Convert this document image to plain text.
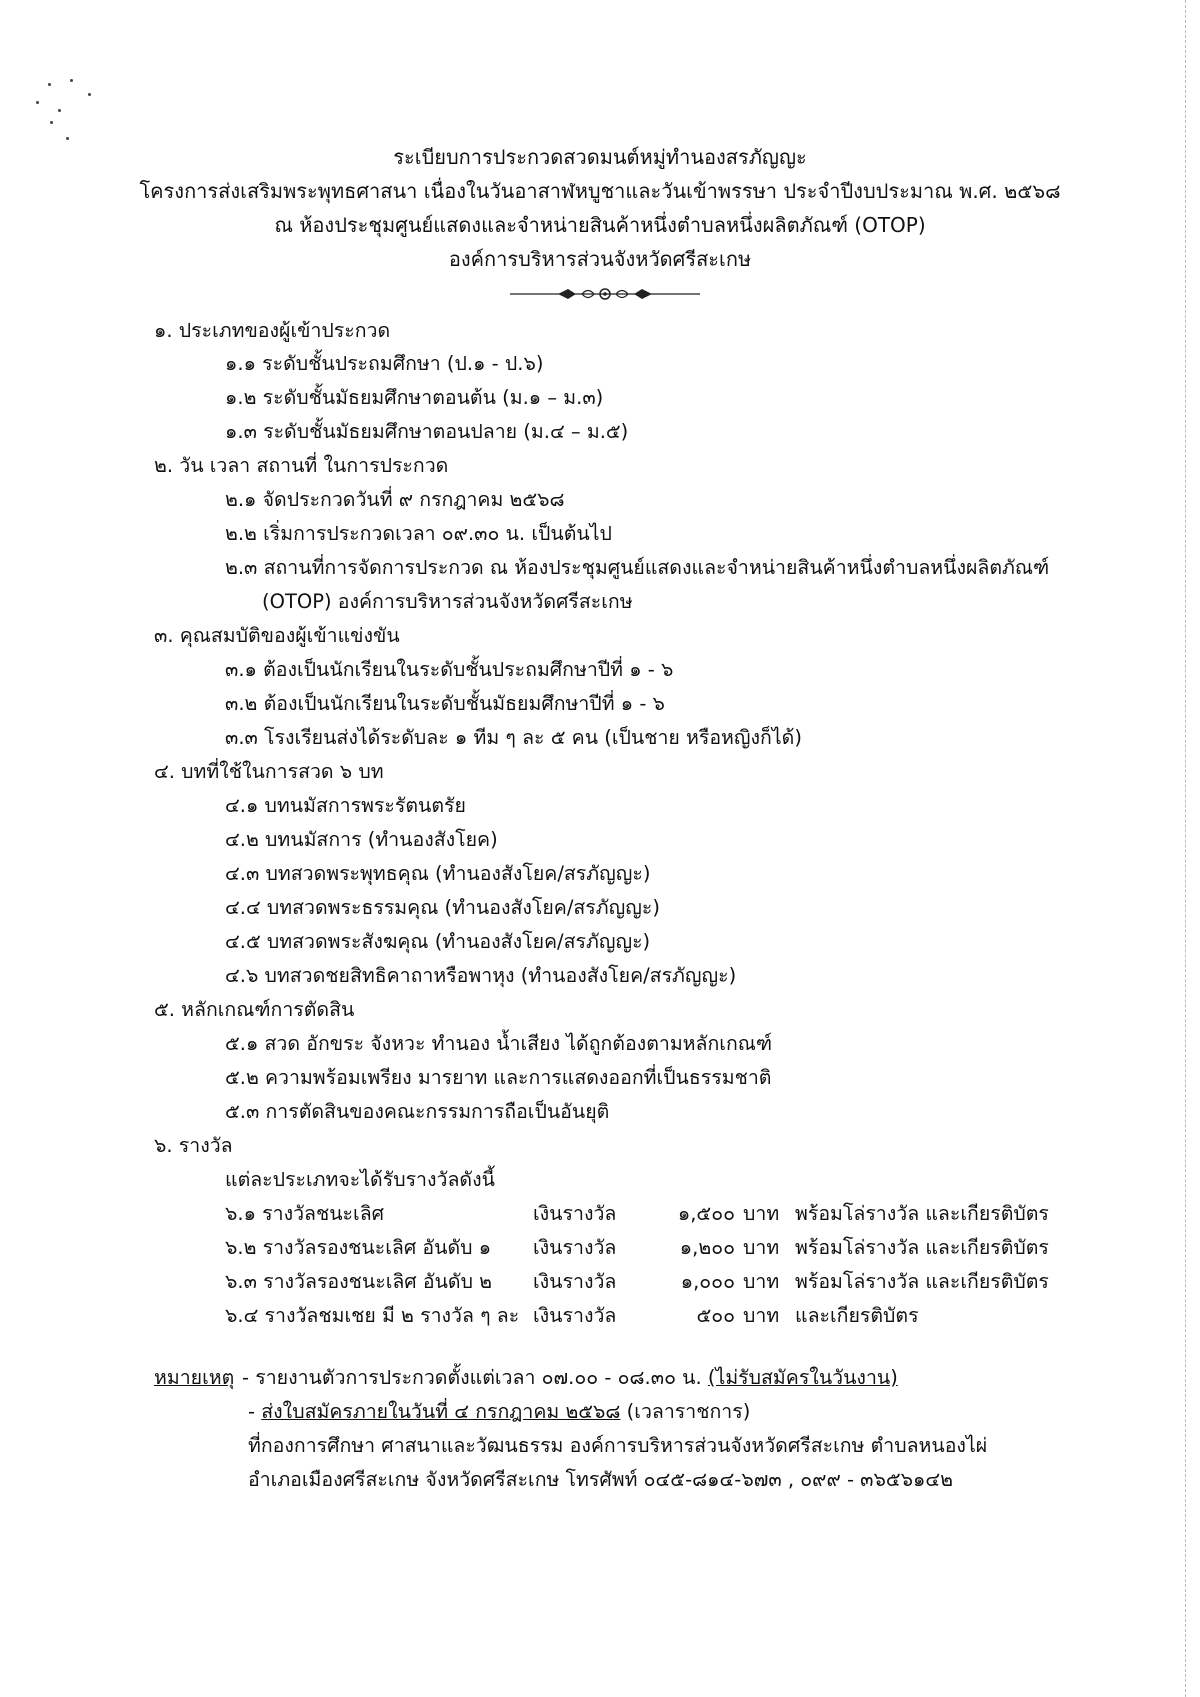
ระเบียบการประกวดสวดมนต์หมู่ทำนองสรภัญญะ
โครงการส่งเสริมพระพุทธศาสนา เนื่องในวันอาสาฬหบูชาและวันเข้าพรรษา ประจำปีงบประมาณ พ.ศ. ๒๕๖๘
ณ ห้องประชุมศูนย์แสดงและจำหน่ายสินค้าหนึ่งตำบลหนึ่งผลิตภัณฑ์ (OTOP)
องค์การบริหารส่วนจังหวัดศรีสะเกษ
๑. ประเภทของผู้เข้าประกวด
๑.๑ ระดับชั้นประถมศึกษา (ป.๑ - ป.๖)
๑.๒ ระดับชั้นมัธยมศึกษาตอนต้น (ม.๑ – ม.๓)
๑.๓ ระดับชั้นมัธยมศึกษาตอนปลาย (ม.๔ – ม.๕)
๒. วัน เวลา สถานที่ ในการประกวด
๒.๑ จัดประกวดวันที่ ๙ กรกฎาคม ๒๕๖๘
๒.๒ เริ่มการประกวดเวลา ๐๙.๓๐ น. เป็นต้นไป
๒.๓ สถานที่การจัดการประกวด ณ ห้องประชุมศูนย์แสดงและจำหน่ายสินค้าหนึ่งตำบลหนึ่งผลิตภัณฑ์
(OTOP) องค์การบริหารส่วนจังหวัดศรีสะเกษ
๓. คุณสมบัติของผู้เข้าแข่งขัน
๓.๑ ต้องเป็นนักเรียนในระดับชั้นประถมศึกษาปีที่ ๑ - ๖
๓.๒ ต้องเป็นนักเรียนในระดับชั้นมัธยมศึกษาปีที่ ๑ - ๖
๓.๓ โรงเรียนส่งได้ระดับละ ๑ ทีม ๆ ละ ๕ คน (เป็นชาย หรือหญิงก็ได้)
๔. บทที่ใช้ในการสวด ๖ บท
๔.๑ บทนมัสการพระรัตนตรัย
๔.๒ บทนมัสการ (ทำนองสังโยค)
๔.๓ บทสวดพระพุทธคุณ (ทำนองสังโยค/สรภัญญะ)
๔.๔ บทสวดพระธรรมคุณ (ทำนองสังโยค/สรภัญญะ)
๔.๕ บทสวดพระสังฆคุณ (ทำนองสังโยค/สรภัญญะ)
๔.๖ บทสวดชยสิทธิคาถาหรือพาหุง (ทำนองสังโยค/สรภัญญะ)
๕. หลักเกณฑ์การตัดสิน
๕.๑ สวด อักขระ จังหวะ ทำนอง น้ำเสียง ได้ถูกต้องตามหลักเกณฑ์
๕.๒ ความพร้อมเพรียง มารยาท และการแสดงออกที่เป็นธรรมชาติ
๕.๓ การตัดสินของคณะกรรมการถือเป็นอันยุติ
๖. รางวัล
แต่ละประเภทจะได้รับรางวัลดังนี้
๖.๑ รางวัลชนะเลิศ	เงินรางวัล	๑,๕๐๐ บาท พร้อมโล่รางวัล และเกียรติบัตร
๖.๒ รางวัลรองชนะเลิศ อันดับ ๑ เงินรางวัล	๑,๒๐๐ บาท พร้อมโล่รางวัล และเกียรติบัตร
๖.๓ รางวัลรองชนะเลิศ อันดับ ๒ เงินรางวัล	๑,๐๐๐ บาท พร้อมโล่รางวัล และเกียรติบัตร
๖.๔ รางวัลชมเชย มี ๒ รางวัล ๆ ละ เงินรางวัล	๕๐๐ บาท และเกียรติบัตร
หมายเหตุ - รายงานตัวการประกวดตั้งแต่เวลา ๐๗.๐๐ - ๐๘.๓๐ น. (ไม่รับสมัครในวันงาน)
- ส่งใบสมัครภายในวันที่ ๔ กรกฎาคม ๒๕๖๘ (เวลาราชการ)
ที่กองการศึกษา ศาสนาและวัฒนธรรม องค์การบริหารส่วนจังหวัดศรีสะเกษ ตำบลหนองไผ่
อำเภอเมืองศรีสะเกษ จังหวัดศรีสะเกษ โทรศัพท์ ๐๔๕-๘๑๔-๖๗๓ , ๐๙๙ - ๓๖๕๖๑๔๒
